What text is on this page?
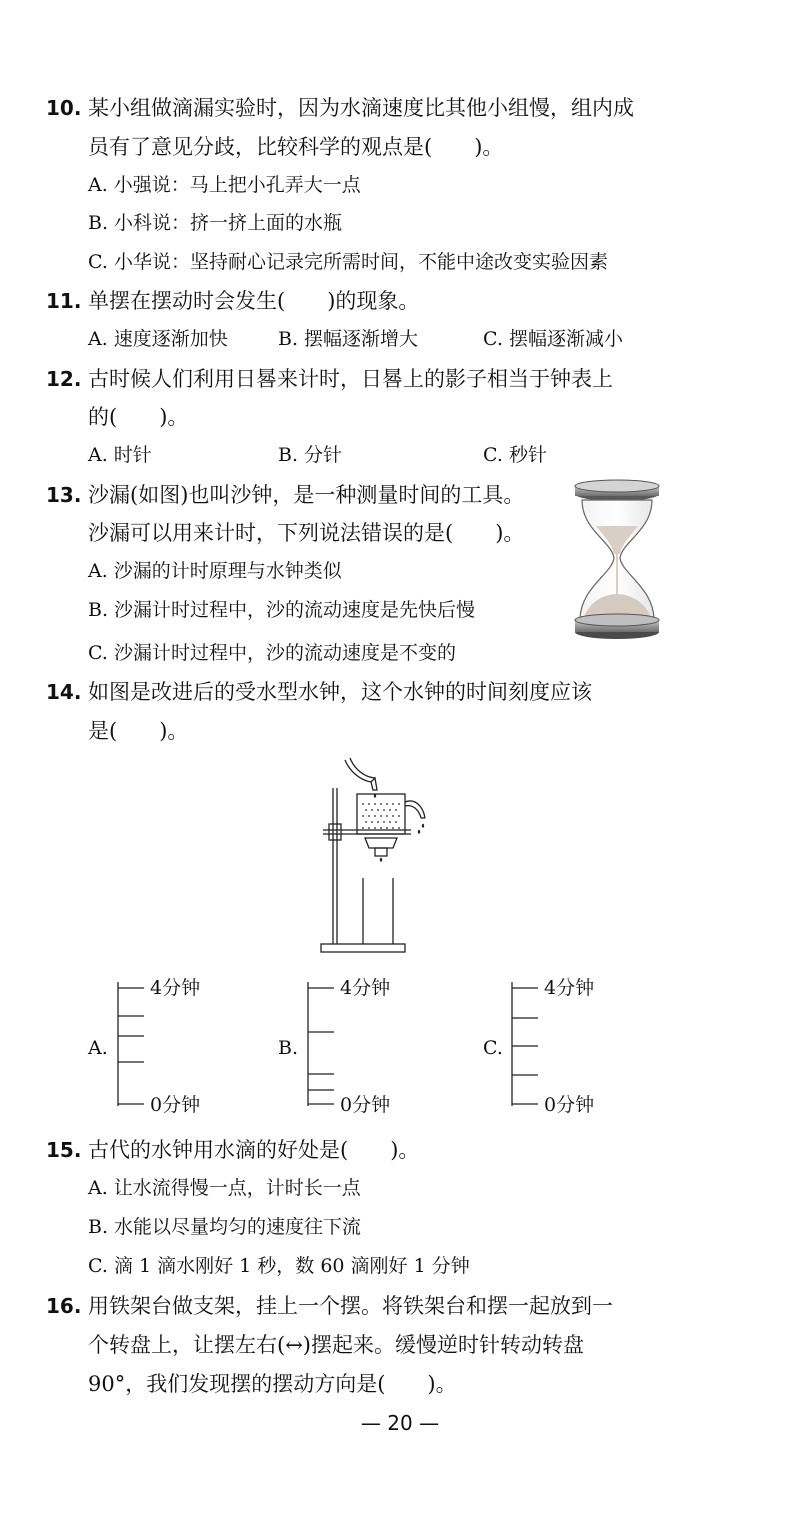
10. 某小组做滴漏实验时，因为水滴速度比其他小组慢，组内成
员有了意见分歧，比较科学的观点是(　　)。
A. 小强说：马上把小孔弄大一点
B. 小科说：挤一挤上面的水瓶
C. 小华说：坚持耐心记录完所需时间，不能中途改变实验因素
11. 单摆在摆动时会发生(　　)的现象。
A. 速度逐渐加快	B. 摆幅逐渐增大	C. 摆幅逐渐减小
12. 古时候人们利用日晷来计时，日晷上的影子相当于钟表上
的(　　)。
A. 时针	B. 分针	C. 秒针
13. 沙漏(如图)也叫沙钟，是一种测量时间的工具。
沙漏可以用来计时，下列说法错误的是(　　)。
A. 沙漏的计时原理与水钟类似
B. 沙漏计时过程中，沙的流动速度是先快后慢
C. 沙漏计时过程中，沙的流动速度是不变的
14. 如图是改进后的受水型水钟，这个水钟的时间刻度应该
是(　　)。
A.
4分钟
0分钟
B.
4分钟
0分钟
C.
4分钟
0分钟
15. 古代的水钟用水滴的好处是(　　)。
A. 让水流得慢一点，计时长一点
B. 水能以尽量均匀的速度往下流
C. 滴 1 滴水刚好 1 秒，数 60 滴刚好 1 分钟
16. 用铁架台做支架，挂上一个摆。将铁架台和摆一起放到一
个转盘上，让摆左右(↔)摆起来。缓慢逆时针转动转盘
90°，我们发现摆的摆动方向是(　　)。
— 20 —
